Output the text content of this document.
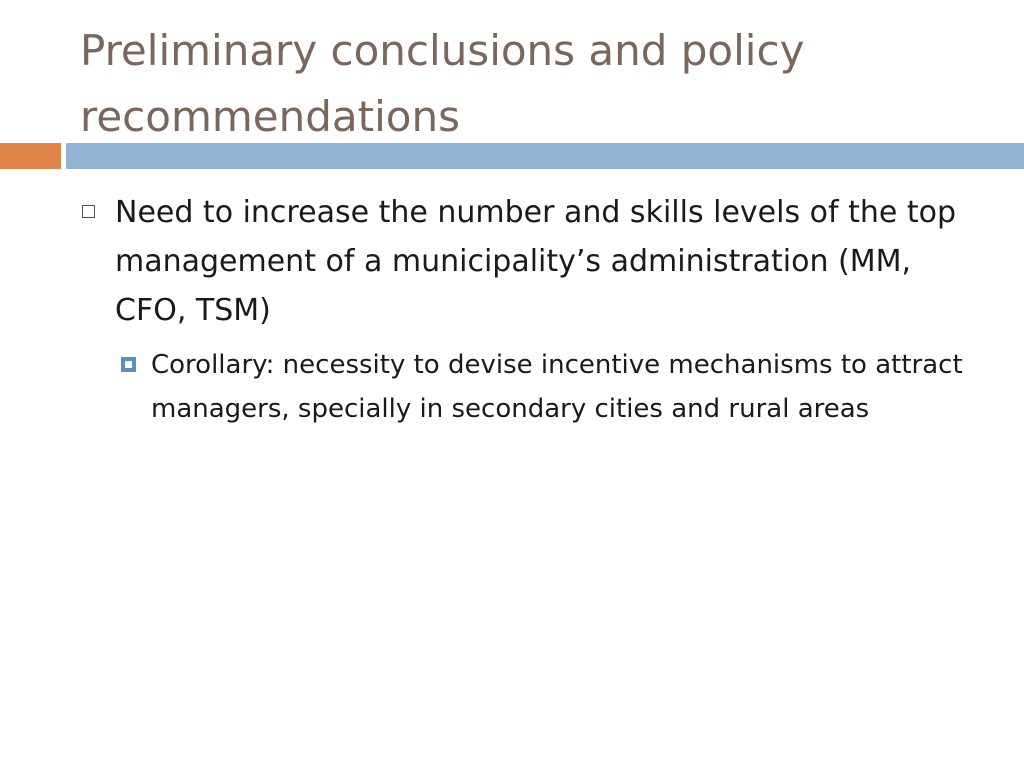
Preliminary conclusions and policy recommendations
Need to increase the number and skills levels of the top management of a municipality’s administration (MM, CFO, TSM)
Corollary: necessity to devise incentive mechanisms to attract managers, specially in secondary cities and rural areas
